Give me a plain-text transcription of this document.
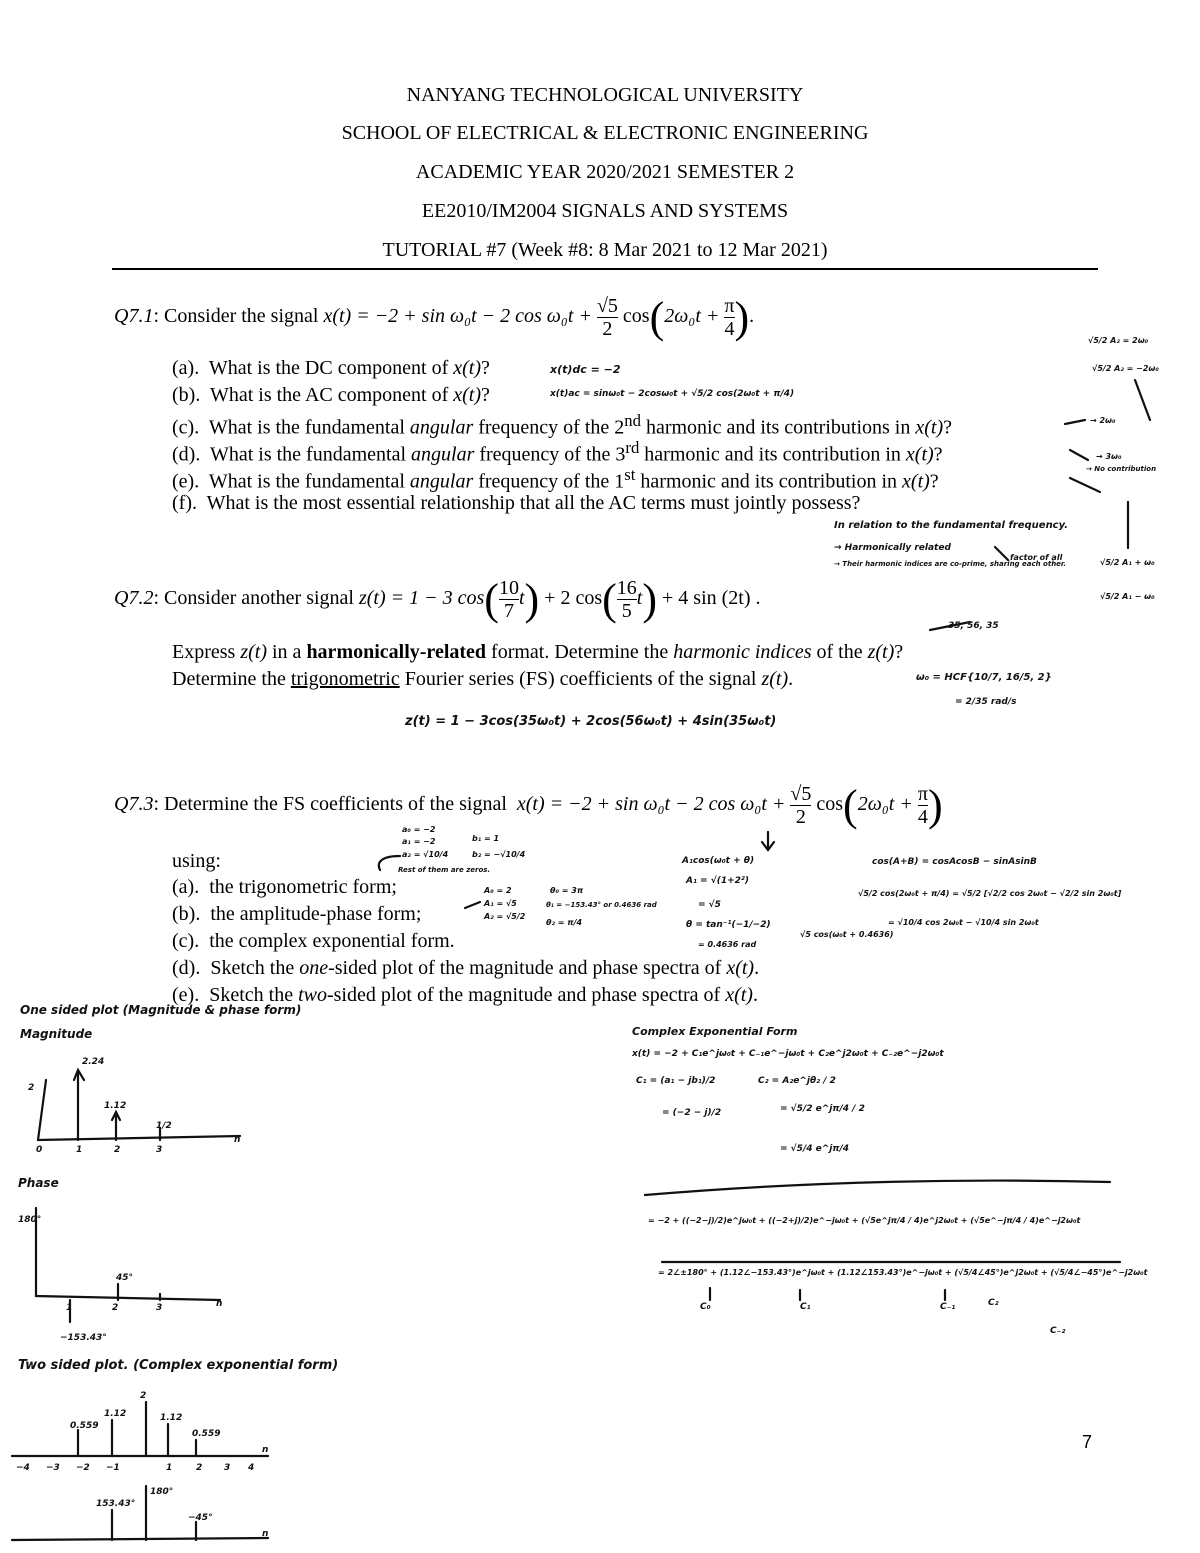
NANYANG TECHNOLOGICAL UNIVERSITY
SCHOOL OF ELECTRICAL & ELECTRONIC ENGINEERING
ACADEMIC YEAR 2020/2021 SEMESTER 2
EE2010/IM2004 SIGNALS AND SYSTEMS
TUTORIAL #7 (Week #8: 8 Mar 2021 to 12 Mar 2021)
Q7.1: Consider the signal x(t) = −2 + sin ω₀t − 2 $\cos \omega_0t + \frac{√5}{2} \cos(2\omega_0t + \frac{\pi}{4}$ ).
(a). What is the DC component of x(t)?
(b). What is the AC component of x(t)?
(c). What is the fundamental angular frequency of the 2nd harmonic and its contributions in x(t)?
(d). What is the fundamental angular frequency of the 3rd harmonic and its contribution in x(t)?
(e). What is the fundamental angular frequency of the 1st harmonic and its contribution in x(t)?
(f). What is the most essential relationship that all the AC terms must jointly possess?
Q7.2: Consider another signal z(t) = 1 − 3 $\cos( \frac{10}{7} t) + 2$ $\cos( \frac{16}{5} t) + 4$ sin (2t) .
Express z(t) in a harmonically-related format. Determine the harmonic indices of the z(t)?
Determine the trigonometric Fourier series (FS) coefficients of the signal z(t).
Q7.3: Determine the FS coefficients of the signal x(t) = −2 + sin ω₀t − 2 $\cos \omega_0t + \frac{√5}{2} \cos(2\omega_0t + \frac{\pi}{4}$ )
using:
(a). the trigonometric form;
(b). the amplitude-phase form;
(c). the complex exponential form.
(d). Sketch the one-sided plot of the magnitude and phase spectra of x(t).
(e). Sketch the two-sided plot of the magnitude and phase spectra of x(t).
7
x(t)dc = −2
x(t)ac = sinω₀t − 2cosω₀t + √5/2 cos(2ω₀t + π/4)
√5/2 A₂ = 2ω₀
√5/2 A₂ = −2ω₀
→ 2ω₀
→ 3ω₀
→ No contribution
√5/2 A₁ + ω₀
√5/2 A₁ − ω₀
In relation to the fundamental frequency.
→ Harmonically related
→ Their harmonic indices are co-prime, sharing each other.
factor of all
35, 56, 35
ω₀ = HCF{10/7, 16/5, 2}
= 2/35 rad/s
z(t) = 1 − 3cos(35ω₀t) + 2cos(56ω₀t) + 4sin(35ω₀t)
a₀ = −2
a₁ = −2
a₂ = √10/4
b₁ = 1
b₂ = −√10/4
Rest of them are zeros.
A₀ = 2
A₁ = √5
A₂ = √5/2
θ₀ = 3π
θ₁ = −153.43° or 0.4636 rad
θ₂ = π/4
A₁cos(ω₀t + θ)
A₁ = √(1+2²)
= √5
θ = tan⁻¹(−1/−2)
= 0.4636 rad
√5 cos(ω₀t + 0.4636)
cos(A+B) = cosAcosB − sinAsinB
√5/2 cos(2ω₀t + π/4) = √5/2 [√2/2 cos 2ω₀t − √2/2 sin 2ω₀t]
= √10/4 cos 2ω₀t − √10/4 sin 2ω₀t
Complex Exponential Form
x(t) = −2 + C₁e^jω₀t + C₋₁e^−jω₀t + C₂e^j2ω₀t + C₋₂e^−j2ω₀t
C₁ = (a₁ − jb₁)/2
= (−2 − j)/2
C₂ = A₂e^jθ₂ / 2
= √5/2 e^jπ/4 / 2
= √5/4 e^jπ/4
= −2 + ((−2−j)/2)e^jω₀t + ((−2+j)/2)e^−jω₀t + (√5e^jπ/4 / 4)e^j2ω₀t + (√5e^−jπ/4 / 4)e^−j2ω₀t
= 2∠±180° + (1.12∠−153.43°)e^jω₀t + (1.12∠153.43°)e^−jω₀t + (√5/4∠45°)e^j2ω₀t + (√5/4∠−45°)e^−j2ω₀t
C₀	C₁	C₋₁	C₂
C₋₂
One sided plot (Magnitude & phase form)
Magnitude
Phase
Two sided plot. (Complex exponential form)
2
2.24
1.12
1/2
n
0	1	2	3
180°
45°
−153.43°
n
1	2	3
0.559
1.12
2
1.12
0.559
n
−4 −3 −2 −1	1	2 3 4
180°
153.43°
−45°
n
